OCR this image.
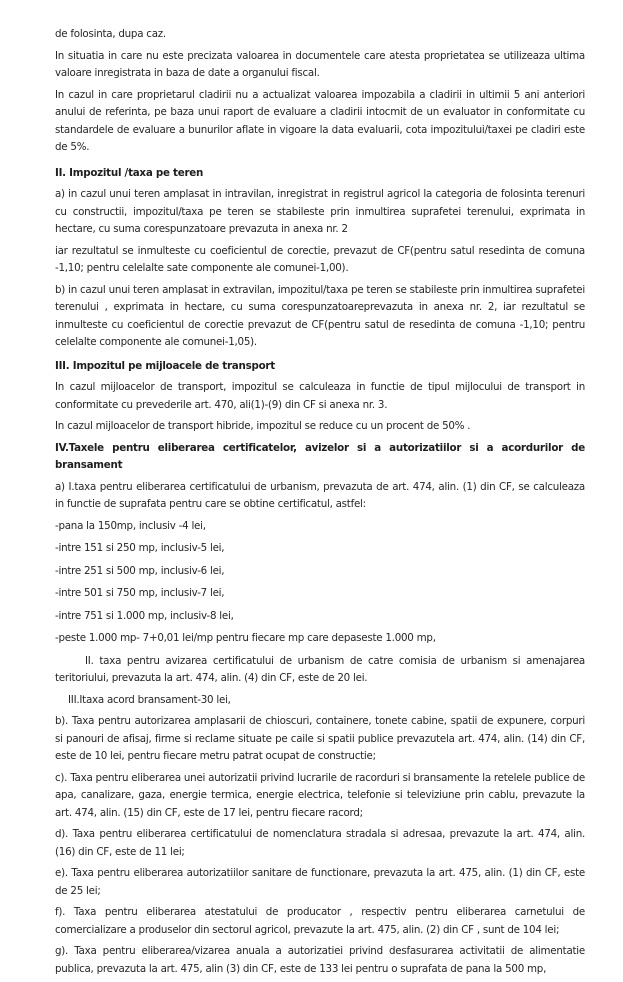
de folosinta, dupa caz.

In situatia in care nu este precizata valoarea in documentele care atesta proprietatea se utilizeaza ultima valoare inregistrata in baza de date a organului fiscal.

In cazul in care proprietarul cladirii nu a actualizat valoarea impozabila a cladirii in ultimii 5 ani anteriori anului de referinta, pe baza unui raport de evaluare a cladirii intocmit de un evaluator in conformitate cu standardele de evaluare a bunurilor aflate in vigoare la data evaluarii, cota impozitului/taxei pe cladiri este de 5%.

II. Impozitul /taxa pe teren

a) in cazul unui teren amplasat in intravilan, inregistrat in registrul agricol la categoria de folosinta terenuri cu constructii, impozitul/taxa pe teren se stabileste prin inmultirea suprafetei terenului, exprimata in hectare, cu suma corespunzatoare prevazuta in anexa nr. 2

iar rezultatul se inmulteste cu coeficientul de corectie, prevazut de CF(pentru satul resedinta de comuna -1,10; pentru celelalte sate componente ale comunei-1,00).

b) in cazul unui teren amplasat in extravilan, impozitul/taxa pe teren se stabileste prin inmultirea suprafetei terenului , exprimata in hectare, cu suma corespunzatoareprevazuta in anexa nr. 2, iar rezultatul se inmulteste cu coeficientul de corectie prevazut de CF(pentru satul de resedinta de comuna -1,10; pentru celelalte componente ale comunei-1,05).

III. Impozitul pe mijloacele de transport

In cazul mijloacelor de transport, impozitul se calculeaza in functie de tipul mijlocului de transport in conformitate cu prevederile art. 470, ali(1)-(9) din CF si anexa nr. 3.

In cazul mijloacelor de transport hibride, impozitul se reduce cu un procent de 50% .

IV.Taxele pentru eliberarea certificatelor, avizelor si a autorizatiilor si a acordurilor de bransament

a) I.taxa pentru eliberarea certificatului de urbanism, prevazuta de art. 474, alin. (1) din CF, se calculeaza in functie de suprafata pentru care se obtine certificatul, astfel:

-pana la 150mp, inclusiv -4 lei,

-intre 151 si 250 mp, inclusiv-5 lei,

-intre 251 si 500 mp, inclusiv-6 lei,

-intre 501 si 750 mp, inclusiv-7 lei,

-intre 751 si 1.000 mp, inclusiv-8 lei,

-peste 1.000 mp- 7+0,01 lei/mp pentru fiecare mp care depaseste 1.000 mp,

II. taxa pentru avizarea certificatului de urbanism de catre comisia de urbanism si amenajarea teritoriului, prevazuta la art. 474, alin. (4) din CF, este de 20 lei.

III.Itaxa acord bransament-30 lei,

b). Taxa pentru autorizarea amplasarii de chioscuri, containere, tonete cabine, spatii de expunere, corpuri si panouri de afisaj, firme si reclame situate pe caile si spatii publice prevazutela art. 474, alin. (14) din CF, este de 10 lei, pentru fiecare metru patrat ocupat de constructie;

c). Taxa pentru eliberarea unei autorizatii privind lucrarile de racorduri si bransamente la retelele publice de apa, canalizare, gaza, energie termica, energie electrica, telefonie si televiziune prin cablu, prevazute la art. 474, alin. (15) din CF, este de 17 lei, pentru fiecare racord;

d). Taxa pentru eliberarea certificatului de nomenclatura stradala si adresaa, prevazute la art. 474, alin. (16) din CF, este de 11 lei;

e). Taxa pentru eliberarea autorizatiilor sanitare de functionare, prevazuta la art. 475, alin. (1) din CF, este de 25 lei;

f). Taxa pentru eliberarea atestatului de producator , respectiv pentru eliberarea carnetului de comercializare a produselor din sectorul agricol, prevazute la art. 475, alin. (2) din CF , sunt de 104 lei;

g). Taxa pentru eliberarea/vizarea anuala a autorizatiei privind desfasurarea activitatii de alimentatie publica, prevazuta la art. 475, alin (3) din CF, este de 133 lei pentru o suprafata de pana la 500 mp,
